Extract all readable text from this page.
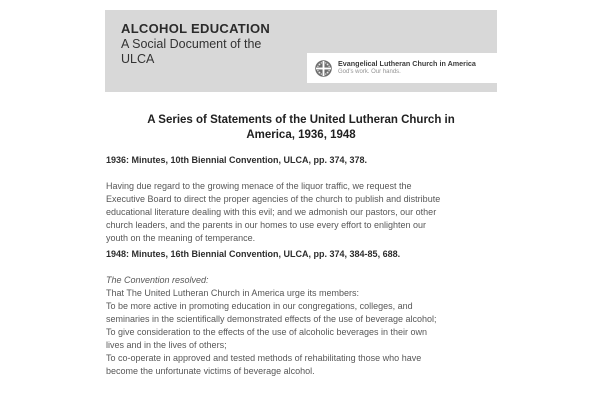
ALCOHOL EDUCATION
A Social Document of the
ULCA	Evangelical Lutheran Church in America
God's work. Our hands.
A Series of Statements of the United Lutheran Church in
America, 1936, 1948
1936: Minutes, 10th Biennial Convention, ULCA, pp. 374, 378.
Having due regard to the growing menace of the liquor traffic, we request the
Executive Board to direct the proper agencies of the church to publish and distribute
educational literature dealing with this evil; and we admonish our pastors, our other
church leaders, and the parents in our homes to use every effort to enlighten our
youth on the meaning of temperance.
1948: Minutes, 16th Biennial Convention, ULCA, pp. 374, 384-85, 688.
The Convention resolved:
That The United Lutheran Church in America urge its members:
To be more active in promoting education in our congregations, colleges, and
seminaries in the scientifically demonstrated effects of the use of beverage alcohol;
To give consideration to the effects of the use of alcoholic beverages in their own
lives and in the lives of others;
To co-operate in approved and tested methods of rehabilitating those who have
become the unfortunate victims of beverage alcohol.
